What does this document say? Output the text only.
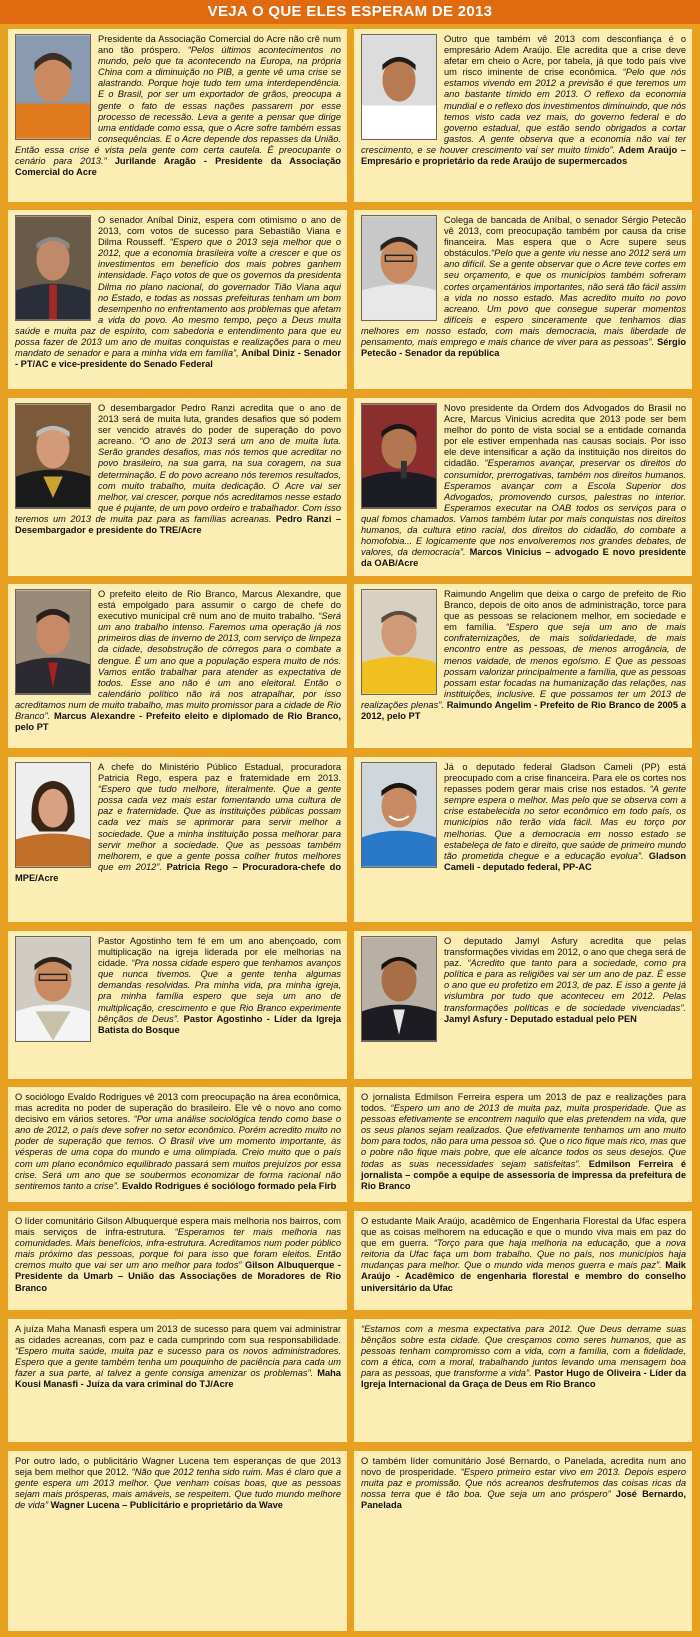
VEJA O QUE ELES ESPERAM DE 2013

Presidente da Associação Comercial do Acre não crê num ano tão próspero. “Pelos últimos acontecimentos no mundo, pelo que ta acontecendo na Europa, na própria China com a diminuição no PIB, a gente vê uma crise se alastrando. Porque hoje tudo tem uma interdependência. E o Brasil, por ser um exportador de grãos, preocupa a gente o fato de essas nações passarem por esse processo de recessão. Leva a gente a pensar que dirige uma entidade como essa, que o Acre sofre também essas consequências. E o Acre depende dos repasses da União. Então essa crise é vista pela gente com certa cautela. É preocupante o cenário para 2013.” Jurilande Aragão - Presidente da Associação Comercial do Acre

Outro que também vê 2013 com desconfiança é o empresário Adem Araújo. Ele acredita que a crise deve afetar em cheio o Acre, por tabela, já que todo país vive um risco iminente de crise econômica. “Pelo que nós estamos vivendo em 2012 a previsão é que teremos um ano bastante tímido em 2013. O reflexo da economia mundial e o reflexo dos investimentos diminuindo, que nós temos visto cada vez mais, do governo federal e do governo estadual, que estão sendo obrigados a cortar gastos. A gente observa que a economia não vai ter crescimento, e se houver crescimento vai ser muito tímido”. Adem Araújo – Empresário e proprietário da rede Araújo de supermercados

O senador Aníbal Diniz, espera com otimismo o ano de 2013, com votos de sucesso para Sebastião Viana e Dilma Rousseff. “Espero que o 2013 seja melhor que o 2012, que a economia brasileira volte a crescer e que os investimentos em benefício dos mais pobres ganhem intensidade. Faço votos de que os governos da presidenta Dilma no plano nacional, do governador Tião Viana aqui no Estado, e todas as nossas prefeituras tenham um bom desempenho no enfrentamento aos problemas que afetam a vida do povo. Ao mesmo tempo, peço a Deus muita saúde e muita paz de espírito, com sabedoria e entendimento para que eu possa fazer de 2013 um ano de muitas conquistas e realizações para o meu mandato de senador e para a minha vida em família”, Aníbal Diniz - Senador - PT/AC e vice-presidente do Senado Federal

Colega de bancada de Aníbal, o senador Sérgio Petecão vê 2013, com preocupação também por causa da crise financeira. Mas espera que o Acre supere seus obstáculos.“Pelo que a gente viu nesse ano 2012 será um ano difícil. Se a gente observar que o Acre teve cortes em seu orçamento, e que os municípios também sofreram cortes orçamentários importantes, não será tão fácil assim a vida no nosso estado. Mas acredito muito no povo acreano. Um povo que consegue superar momentos difíceis e espero sinceramente que tenhamos dias melhores em nosso estado, com mais democracia, mais liberdade de pensamento, mais emprego e mais chance de viver para as pessoas”. Sérgio Petecão - Senador da república

O desembargador Pedro Ranzi acredita que o ano de 2013 será de muita luta, grandes desafios que só podem ser vencido através do poder de superação do povo acreano. “O ano de 2013 será um ano de muita luta. Serão grandes desafios, mas nós temos que acreditar no povo brasileiro, na sua garra, na sua coragem, na sua determinação. E do povo acreano nós teremos resultados, com muito trabalho, muita dedicação. O Acre vai ser melhor, vai crescer, porque nós acreditamos nesse estado que é pujante, de um povo ordeiro e trabalhador. Com isso teremos um 2013 de muita paz para as famílias acreanas. Pedro Ranzi – Desembargador e presidente do TRE/Acre

Novo presidente da Ordem dos Advogados do Brasil no Acre, Marcus Vinicius acredita que 2013 pode ser bem melhor do ponto de vista social se a entidade comanda por ele estiver empenhada nas causas sociais. Por isso ele deve intensificar a ação da instituição nos direitos do cidadão. “Esperamos avançar, preservar os direitos do consumidor, prerrogativas, também nos direitos humanos. Esperamos avançar com a Escola Superior dos Advogados, promovendo cursos, palestras no interior. Esperamos executar na OAB todos os serviços para o qual fomos chamados. Vamos também lutar por mais conquistas nos direitos humanos, da cultura etino racial, dos direitos do cidadão, do combate a homofobia... E logicamente que nos envolveremos nos grandes debates, de valores, da democracia”. Marcos Vinicius – advogado E novo presidente da OAB/Acre

O prefeito eleito de Rio Branco, Marcus Alexandre, que está empolgado para assumir o cargo de chefe do executivo municipal crê num ano de muito trabalho. “Será um ano trabalho intenso. Faremos uma operação já nos primeiros dias de inverno de 2013, com serviço de limpeza da cidade, desobstrução de córregos para o combate a dengue. É um ano que a população espera muito de nós. Vamos então trabalhar para atender as expectativa de todos. Esse ano não é um ano eleitoral. Então o calendário político não irá nos atrapalhar, por isso acreditamos num de muito trabalho, mas muito promissor para a cidade de Rio Branco”. Marcus Alexandre - Prefeito eleito e diplomado de Rio Branco, pelo PT

Raimundo Angelim que deixa o cargo de prefeito de Rio Branco, depois de oito anos de administração, torce para que as pessoas se relacionem melhor, em sociedade e em família. “Espero que seja um ano de mais confraternizações, de mais solidariedade, de mais encontro entre as pessoas, de menos arrogância, de menos vaidade, de menos egoísmo. E Que as pessoas possam valorizar principalmente a família, que as pessoas possam estar focadas na humanização das relações, nas instituições, inclusive. E que possamos ter um 2013 de realizações plenas”. Raimundo Angelim - Prefeito de Rio Branco de 2005 a 2012, pelo PT

A chefe do Ministério Público Estadual, procuradora Patricia Rego, espera paz e fraternidade em 2013. “Espero que tudo melhore, literalmente. Que a gente possa cada vez mais estar fomentando uma cultura de paz e fraternidade. Que as instituições públicas possam cada vez mais se aprimorar para servir melhor a sociedade. Que a minha instituição possa melhorar para servir melhor a sociedade. Que as pessoas também melhorem, e que a gente possa colher frutos melhores que em 2012”. Patrícia Rego – Procuradora-chefe do MPE/Acre

Já o deputado federal Gladson Cameli (PP) está preocupado com a crise financeira. Para ele os cortes nos repasses podem gerar mais crise nos estados. “A gente sempre espera o melhor. Mas pelo que se observa com a crise estabelecida no setor econômico em todo país, os municípios não terão vida fácil. Mas eu torço por melhorias. Que a democracia em nosso estado se estabeleça de fato e direito, que saúde de primeiro mundo tão prometida chegue e a educação evolua”. Gladson Cameli - deputado federal, PP-AC

Pastor Agostinho tem fé em um ano abençoado, com multiplicação na igreja liderada por ele melhorias na cidade. “Pra nossa cidade espero que tenhamos avanços que nunca tivemos. Que a gente tenha algumas demandas resolvidas. Pra minha vida, pra minha igreja, pra minha família espero que seja um ano de multiplicação, crescimento e que Rio Branco experimente bênçãos de Deus”. Pastor Agostinho - Líder da Igreja Batista do Bosque

O deputado Jamyl Asfury acredita que pelas transformações vividas em 2012, o ano que chega será de paz. “Acredito que tanto para a sociedade, como pra política e para as religiões vai ser um ano de paz. É esse o ano que eu profetizo em 2013, de paz. E isso a gente já vislumbra por tudo que aconteceu em 2012. Pelas transformações políticas e de sociedade vivenciadas”. Jamyl Asfury - Deputado estadual pelo PEN

O sociólogo Evaldo Rodrigues vê 2013 com preocupação na área econômica, mas acredita no poder de superação do brasileiro. Ele vê o novo ano como decisivo em vários setores. “Por uma análise sociológica tendo como base o ano de 2012, o país deve sofrer no setor econômico. Porém acredito muito no poder de superação que temos. O Brasil vive um momento importante, às vésperas de uma copa do mundo e uma olimpíada. Creio muito que o país com um plano econômico equilibrado passará sem muitos prejuízos por essa crise. Será um ano que se soubermos economizar de forma racional não sentiremos tanto a crise”. Evaldo Rodrigues é sociólogo formado pela Firb

O jornalista Edmilson Ferreira espera um 2013 de paz e realizações para todos. “Espero um ano de 2013 de muita paz, muita prosperidade. Que as pessoas efetivamente se encontrem naquilo que elas pretendem na vida, que os seus planos sejam realizados. Que efetivamente tenhamos um ano muito bom para todos, não para uma pessoa só. Que o rico fique mais rico, mas que o pobre não fique mais pobre, que ele alcance todos os seus desejos. Que todas as suas necessidades sejam satisfeitas”. Edmilson Ferreira é jornalista – compõe a equipe de assessoria de impressa da prefeitura de Rio Branco

O líder comunitário Gilson Albuquerque espera mais melhoria nos bairros, com mais serviços de infra-estrutura. “Esperamos ter mais melhoria nas comunidades. Mais benefícios, infra-estrutura. Acreditamos num poder público mais próximo das pessoas, porque foi para isso que foram eleitos. Então cremos muito que vai ser um ano melhor para todos” Gilson Albuquerque - Presidente da Umarb – União das Associações de Moradores de Rio Branco

O estudante Maik Araújo, acadêmico de Engenharia Florestal da Ufac espera que as coisas melhorem na educação e que o mundo viva mais em paz do que em guerra. “Torço para que haja melhoria na educação, que a nova reitoria da Ufac faça um bom trabalho. Que no país, nos municípios haja mudanças para melhor. Que o mundo vida menos guerra e mais paz”. Maik Araújo - Acadêmico de engenharia florestal e membro do conselho universitário da Ufac

A juíza Maha Manasfi espera um 2013 de sucesso para quem vai administrar as cidades acreanas, com paz e cada cumprindo com sua responsabilidade. “Espero muita saúde, muita paz e sucesso para os novos administradores. Espero que a gente também tenha um pouquinho de paciência para cada um fazer a sua parte, aí talvez a gente consiga amenizar os problemas”. Maha Kousi Manasfi - Juíza da vara criminal do TJ/Acre

“Estamos com a mesma expectativa para 2012. Que Deus derrame suas bênçãos sobre esta cidade. Que cresçamos como seres humanos, que as pessoas tenham compromisso com a vida, com a família, com a fidelidade, com a ética, com a moral, trabalhando juntos levando uma mensagem boa para as pessoas, que transforme a vida”. Pastor Hugo de Oliveira - Líder da Igreja Internacional da Graça de Deus em Rio Branco

Por outro lado, o publicitário Wagner Lucena tem esperanças de que 2013 seja bem melhor que 2012. “Não que 2012 tenha sido ruim. Mas é claro que a gente espera um 2013 melhor. Que venham coisas boas, que as pessoas sejam mais prósperas, mais amáveis, se respeitem. Que tudo mundo melhore de vida” Wagner Lucena – Publicitário e proprietário da Wave

O também líder comunitário José Bernardo, o Panelada, acredita num ano novo de prosperidade. “Espero primeiro estar vivo em 2013. Depois espero muita paz e promissão. Que nós acreanos desfrutemos das coisas ricas da nossa terra que é tão boa. Que seja um ano próspero” José Bernardo, Panelada
